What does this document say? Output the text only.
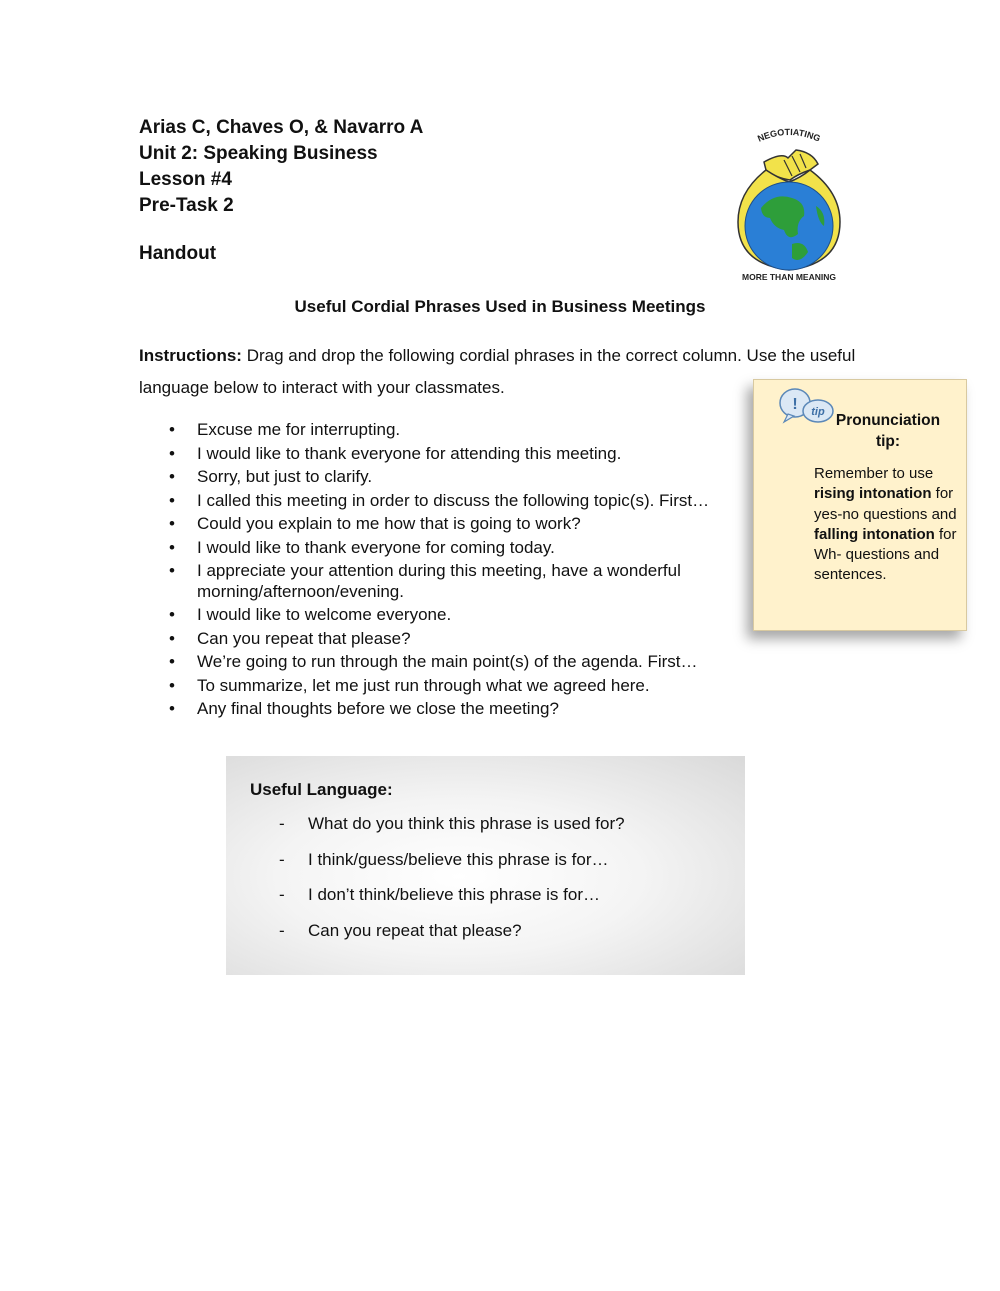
Arias C, Chaves O, & Navarro A
Unit 2: Speaking Business
Lesson #4
Pre-Task 2
Handout
NEGOTIATING
MORE THAN MEANING
Useful Cordial Phrases Used in Business Meetings
Instructions: Drag and drop the following cordial phrases in the correct column. Use the useful language below to interact with your classmates.
• Excuse me for interrupting.
• I would like to thank everyone for attending this meeting.
• Sorry, but just to clarify.
• I called this meeting in order to discuss the following topic(s). First…
• Could you explain to me how that is going to work?
• I would like to thank everyone for coming today.
• I appreciate your attention during this meeting, have a wonderful morning/afternoon/evening.
• I would like to welcome everyone.
• Can you repeat that please?
• We’re going to run through the main point(s) of the agenda. First…
• To summarize, let me just run through what we agreed here.
• Any final thoughts before we close the meeting?
! tip Pronunciation tip:
Remember to use rising intonation for yes-no questions and falling intonation for Wh- questions and sentences.
Useful Language:
- What do you think this phrase is used for?
- I think/guess/believe this phrase is for…
- I don’t think/believe this phrase is for…
- Can you repeat that please?
